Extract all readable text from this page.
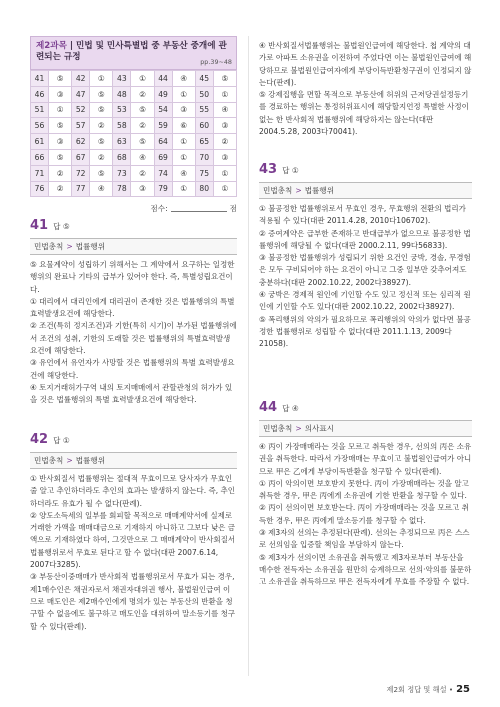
제2과목 | 민법 및 민사특별법 중 부동산 중개에 관련되는 규정	pp.39~48
41	⑤	42	①	43	①	44	④	45	⑤
46	③	47	⑤	48	②	49	①	50	①
51	①	52	⑤	53	⑤	54	③	55	④
56	⑤	57	②	58	②	59	⑥	60	③
61	③	62	⑤	63	⑤	64	①	65	②
66	⑤	67	②	68	④	69	①	70	③
71	②	72	⑤	73	②	74	④	75	①
76	②	77	④	78	③	79	①	80	①
점수:	점
41 답 ⑤
민법총칙 > 법률행위
⑤ 요물계약이 성립하기 위해서는 그 계약에서 요구하는 일정한 행위의 완료나 기타의 급부가 있어야 한다. 즉, 특별성립요건이다.
① 대리에서 대리인에게 대리권이 존재한 것은 법률행위의 특별 효력발생요건에 해당한다.
② 조건(특히 정지조건)과 기한(특히 시기)이 부가된 법률행위에서 조건의 성취, 기한의 도래할 것은 법률행위의 특별효력발생요건에 해당한다.
③ 유언에서 유언자가 사망할 것은 법률행위의 특별 효력발생요건에 해당한다.
④ 토지거래허가구역 내의 토지매매에서 관할관청의 허가가 있을 것은 법률행위의 특별 효력발생요건에 해당한다.
42 답 ①
민법총칙 > 법률행위
① 반사회질서 법률행위는 절대적 무효이므로 당사자가 무효인 줄 알고 추인하더라도 추인의 효과는 발생하지 않는다. 즉, 추인하더라도 유효가 될 수 없다(판례).
② 양도소득세의 일부를 회피할 목적으로 매매계약서에 실제로 거래한 가액을 매매대금으로 기재하지 아니하고 그보다 낮은 금액으로 기재하였다 하여, 그것만으로 그 매매계약이 반사회질서 법률행위로서 무효로 된다고 할 수 없다(대판 2007.6.14, 2007다3285).
③ 부동산이중매매가 반사회적 법률행위로서 무효가 되는 경우, 제1매수인은 채권자로서 채권자대위권 행사, 불법원인급여 이므로 매도인은 제2매수인에게 명의가 있는 부동산의 반환을 청구할 수 없음에도 불구하고 매도인을 대위하여 말소등기를 청구할 수 있다(판례).
④ 반사회질서법률행위는 불법원인급여에 해당한다. 첩 계약의 대가로 아파트 소유권을 이전하여 주었다면 이는 불법원인급여에 해당하므로 불법원인급여자에게 부당이득반환청구권이 인정되지 않는다(판례).
⑤ 강제집행을 면할 목적으로 부동산에 허위의 근저당권설정등기를 경료하는 행위는 통정허위표시에 해당할지언정 특별한 사정이 없는 한 반사회적 법률행위에 해당하지는 않는다(대판 2004.5.28, 2003다70041).
43 답 ①
민법총칙 > 법률행위
① 불공정한 법률행위로서 무효인 경우, 무효행위 전환의 법리가 적용될 수 있다(대판 2011.4.28, 2010다106702).
② 증여계약은 급부한 존재하고 반대급부가 없으므로 불공정한 법률행위에 해당될 수 없다(대판 2000.2.11, 99다56833).
③ 불공정한 법률행위가 성립되기 위한 요건인 궁박, 경솔, 무경험은 모두 구비되어야 하는 요건이 아니고 그중 일부만 갖추어져도 충분하다(대판 2002.10.22, 2002다38927).
④ 궁박은 경제적 원인에 기인할 수도 있고 정신적 또는 심리적 원인에 기인할 수도 있다(대판 2002.10.22, 2002다38927).
⑤ 폭리행위의 악의가 필요하므로 폭리행위의 악의가 없다면 불공정한 법률행위로 성립할 수 없다(대판 2011.1.13, 2009다21058).
44 답 ④
민법총칙 > 의사표시
④ 丙이 가장매매라는 것을 모르고 취득한 경우, 선의의 丙은 소유권을 취득한다. 따라서 가장매매는 무효이고 불법원인급여가 아니므로 甲은 乙에게 부당이득반환을 청구할 수 있다(판례).
① 丙이 악의이면 보호받지 못한다. 丙이 가장매매라는 것을 알고 취득한 경우, 甲은 丙에게 소유권에 기한 반환을 청구할 수 있다.
② 丙이 선의이면 보호받는다. 丙이 가장매매라는 것을 모르고 취득한 경우, 甲은 丙에게 말소등기를 청구할 수 없다.
③ 제3자의 선의는 추정된다(판례). 선의는 추정되므로 丙은 스스로 선의임을 입증할 책임을 부담하지 않는다.
⑤ 제3자가 선의이면 소유권을 취득했고 제3자로부터 부동산을 매수한 전득자는 소유권을 원만히 승계하므로 선의·악의를 불문하고 소유권을 취득하므로 甲은 전득자에게 무효를 주장할 수 없다.
제2회 정답 및 해설 • 25
